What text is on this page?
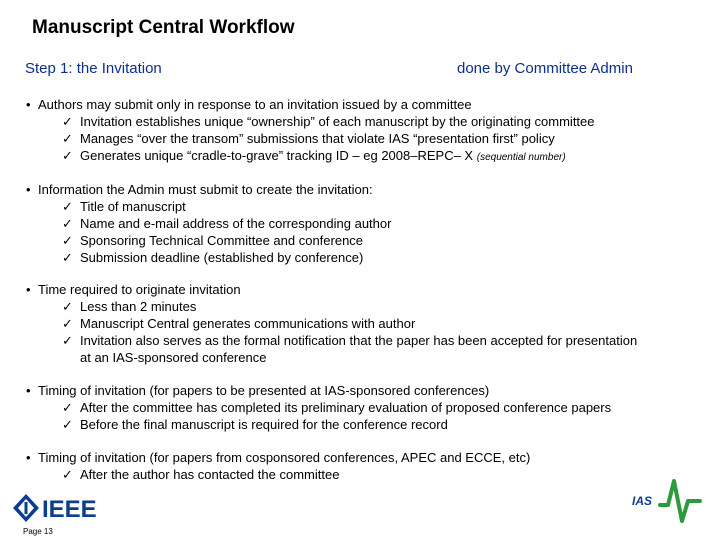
Manuscript Central Workflow
Step 1: the Invitation	done by Committee Admin
• Authors may submit only in response to an invitation issued by a committee
✓ Invitation establishes unique “ownership” of each manuscript by the originating committee
✓ Manages “over the transom” submissions that violate IAS “presentation first” policy
✓ Generates unique “cradle-to-grave” tracking ID – eg 2008–REPC– X (sequential number)
• Information the Admin must submit to create the invitation:
✓ Title of manuscript
✓ Name and e-mail address of the corresponding author
✓ Sponsoring Technical Committee and conference
✓ Submission deadline (established by conference)
• Time required to originate invitation
✓ Less than 2 minutes
✓ Manuscript Central generates communications with author
✓ Invitation also serves as the formal notification that the paper has been accepted for presentation at an IAS-sponsored conference
• Timing of invitation (for papers to be presented at IAS-sponsored conferences)
✓ After the committee has completed its preliminary evaluation of proposed conference papers
✓ Before the final manuscript is required for the conference record
• Timing of invitation (for papers from cosponsored conferences, APEC and ECCE, etc)
✓ After the author has contacted the committee
IEEE
Page 13
IAS
